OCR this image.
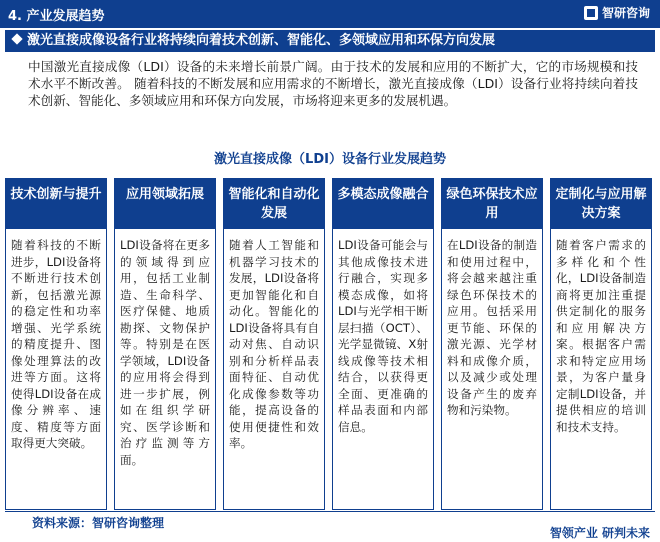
4. 产业发展趋势	智研咨询
激光直接成像设备行业将持续向着技术创新、智能化、多领域应用和环保方向发展
中国激光直接成像（LDI）设备的未来增长前景广阔。由于技术的发展和应用的不断扩大，它的市场规模和技术水平不断改善。 随着科技的不断发展和应用需求的不断增长，激光直接成像（LDI）设备行业将持续向着技术创新、智能化、多领域应用和环保方向发展，市场将迎来更多的发展机遇。
激光直接成像（LDI）设备行业发展趋势
技术创新与提升
随着科技的不断进步，LDI设备将不断进行技术创新，包括激光源的稳定性和功率增强、光学系统的精度提升、图像处理算法的改进等方面。这将使得LDI设备在成像分辨率、速度、精度等方面取得更大突破。
应用领域拓展
LDI设备将在更多的领域得到应用，包括工业制造、生命科学、医疗保健、地质勘探、文物保护等。特别是在医学领域，LDI设备的应用将会得到进一步扩展，例如在组织学研究、医学诊断和治疗监测等方面。
智能化和自动化发展
随着人工智能和机器学习技术的发展，LDI设备将更加智能化和自动化。智能化的LDI设备将具有自动对焦、自动识别和分析样品表面特征、自动优化成像参数等功能，提高设备的使用便捷性和效率。
多模态成像融合
LDI设备可能会与其他成像技术进行融合，实现多模态成像，如将LDI与光学相干断层扫描（OCT）、光学显微镜、X射线成像等技术相结合，以获得更全面、更准确的样品表面和内部信息。
绿色环保技术应用
在LDI设备的制造和使用过程中，将会越来越注重绿色环保技术的应用。包括采用更节能、环保的激光源、光学材料和成像介质，以及减少或处理设备产生的废弃物和污染物。
定制化与应用解决方案
随着客户需求的多样化和个性化，LDI设备制造商将更加注重提供定制化的服务和应用解决方案。根据客户需求和特定应用场景，为客户量身定制LDI设备，并提供相应的培训和技术支持。
资料来源：智研咨询整理
智领产业 研判未来
